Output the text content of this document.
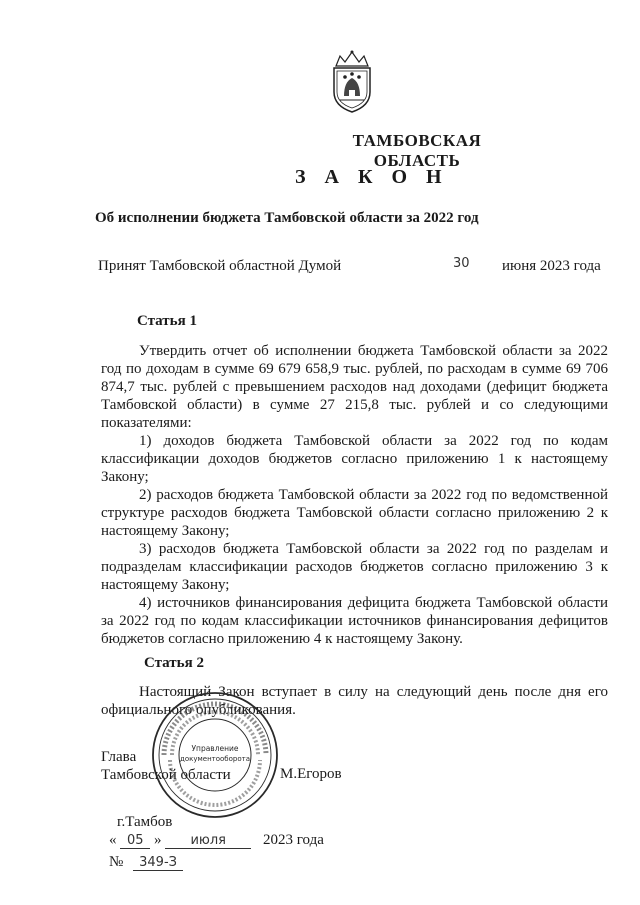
ТАМБОВСКАЯ ОБЛАСТЬ
З А К О Н
Об исполнении бюджета Тамбовской области за 2022 год
Принят Тамбовской областной Думой	30 июня 2023 года
Статья 1

Утвердить отчет об исполнении бюджета Тамбовской области за 2022 год по доходам в сумме 69 679 658,9 тыс. рублей, по расходам в сумме 69 706 874,7 тыс. рублей с превышением расходов над доходами (дефицит бюджета Тамбовской области) в сумме 27 215,8 тыс. рублей и со следующими показателями:

1) доходов бюджета Тамбовской области за 2022 год по кодам классификации доходов бюджетов согласно приложению 1 к настоящему Закону;

2) расходов бюджета Тамбовской области за 2022 год по ведомственной структуре расходов бюджета Тамбовской области согласно приложению 2 к настоящему Закону;

3) расходов бюджета Тамбовской области за 2022 год по разделам и подразделам классификации расходов бюджетов согласно приложению 3 к настоящему Закону;

4) источников финансирования дефицита бюджета Тамбовской области за 2022 год по кодам классификации источников финансирования дефицитов бюджетов согласно приложению 4 к настоящему Закону.

Статья 2

Настоящий Закон вступает в силу на следующий день после дня его официального опубликования.

Глава
Тамбовской области	М.Егоров
Управление
документооборота
г.Тамбов
« 05 » июля 2023 года
№ 349-З
